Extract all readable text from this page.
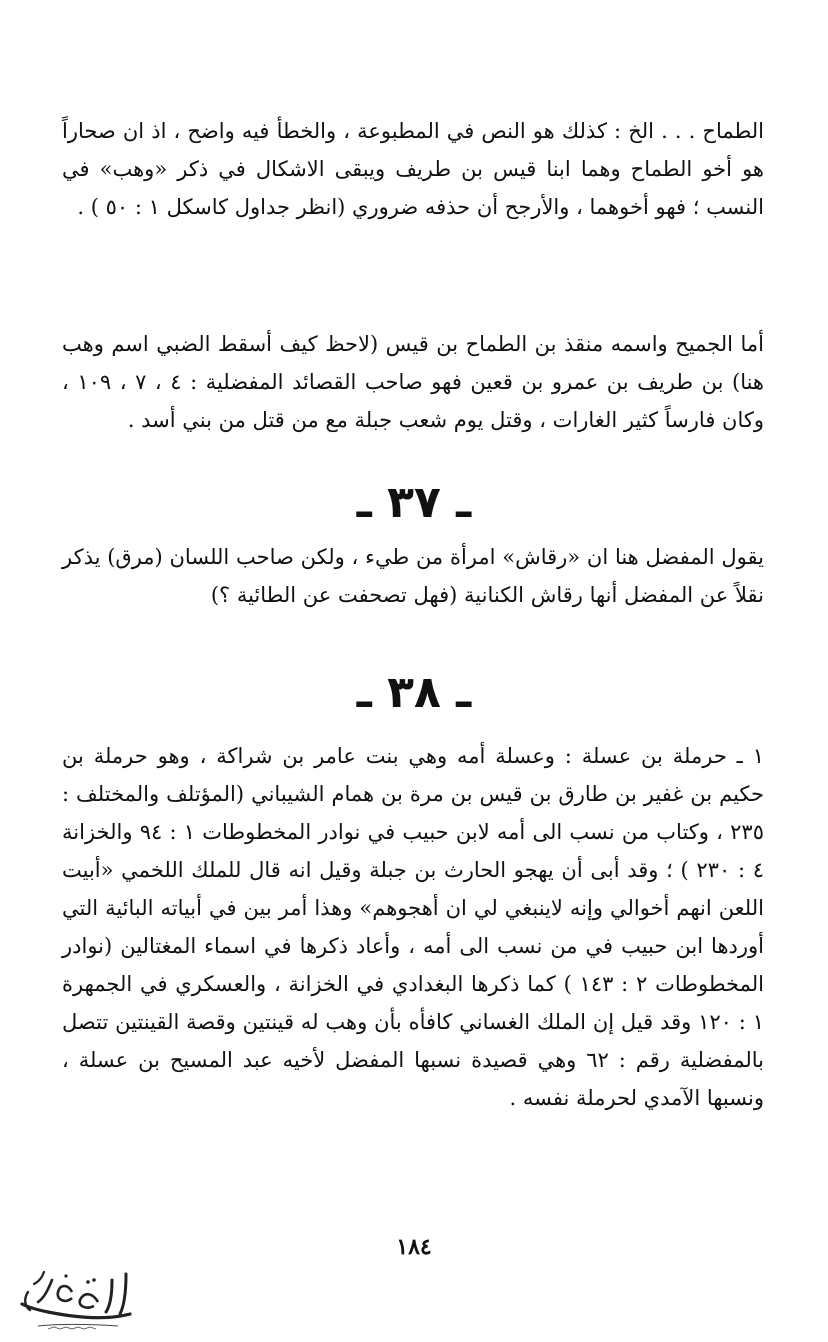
الطماح . . . الخ : كذلك هو النص في المطبوعة ، والخطأ فيه واضح ، اذ ان صحاراً هو أخو الطماح وهما ابنا قيس بن طريف ويبقى الاشكال في ذكر «وهب» في النسب ؛ فهو أخوهما ، والأرجح أن حذفه ضروري (انظر جداول كاسكل ١ : ٥٠ ) .

أما الجميح واسمه منقذ بن الطماح بن قيس (لاحظ كيف أسقط الضبي اسم وهب هنا) بن طريف بن عمرو بن قعين فهو صاحب القصائد المفضلية : ٤ ، ٧ ، ١٠٩ ، وكان فارساً كثير الغارات ، وقتل يوم شعب جبلة مع من قتل من بني أسد .

ـ ٣٧ ـ

يقول المفضل هنا ان «رقاش» امرأة من طيء ، ولكن صاحب اللسان (مرق) يذكر نقلاً عن المفضل أنها رقاش الكنانية (فهل تصحفت عن الطائية ؟)

ـ ٣٨ ـ

١ ـ حرملة بن عسلة : وعسلة أمه وهي بنت عامر بن شراكة ، وهو حرملة بن حكيم بن غفير بن طارق بن قيس بن مرة بن همام الشيباني (المؤتلف والمختلف : ٢٣٥ ، وكتاب من نسب الى أمه لابن حبيب في نوادر المخطوطات ١ : ٩٤ والخزانة ٤ : ٢٣٠ ) ؛ وقد أبى أن يهجو الحارث بن جبلة وقيل انه قال للملك اللخمي «أبيت اللعن انهم أخوالي وإنه لاينبغي لي ان أهجوهم» وهذا أمر بين في أبياته البائية التي أوردها ابن حبيب في من نسب الى أمه ، وأعاد ذكرها في اسماء المغتالين (نوادر المخطوطات ٢ : ١٤٣ ) كما ذكرها البغدادي في الخزانة ، والعسكري في الجمهرة ١ : ١٢٠ وقد قيل إن الملك الغساني كافأه بأن وهب له قينتين وقصة القينتين تتصل بالمفضلية رقم : ٦٢ وهي قصيدة نسبها المفضل لأخيه عبد المسيح بن عسلة ، ونسبها الآمدي لحرملة نفسه .

١٨٤
